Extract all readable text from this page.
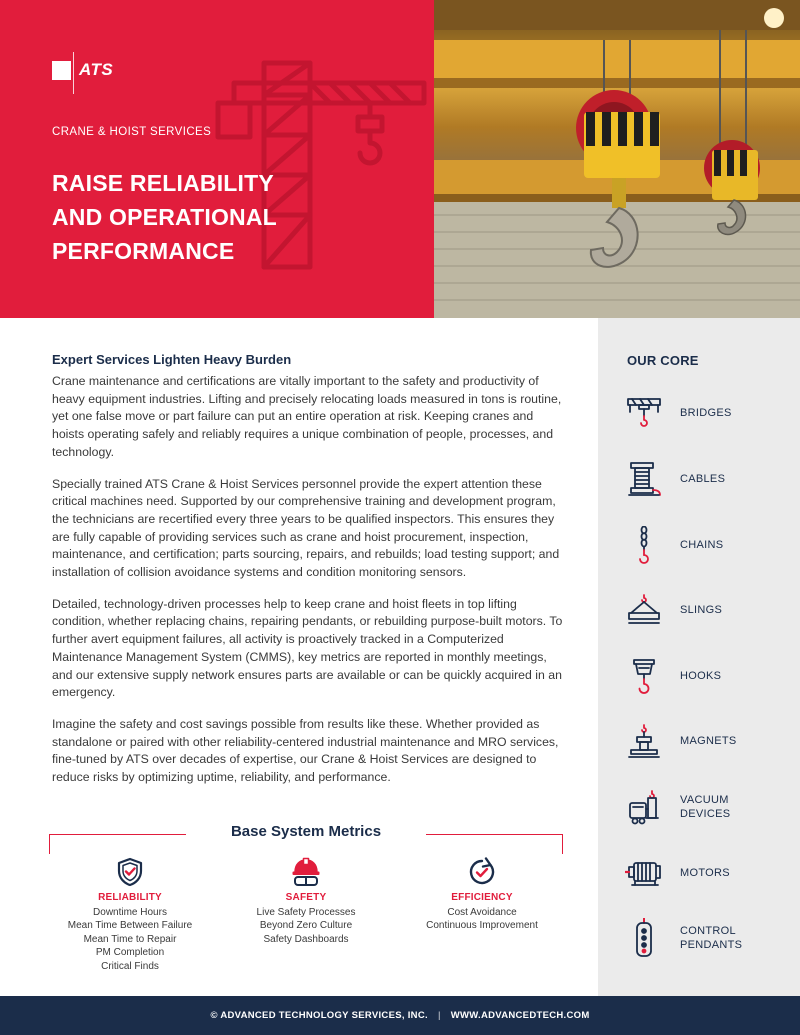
ATS
CRANE & HOIST SERVICES
RAISE RELIABILITY
AND OPERATIONAL
PERFORMANCE
Expert Services Lighten Heavy Burden

Crane maintenance and certifications are vitally important to the safety and productivity of heavy equipment industries. Lifting and precisely relocating loads measured in tons is routine, yet one false move or part failure can put an entire operation at risk. Keeping cranes and hoists operating safely and reliably requires a unique combination of people, processes, and technology.

Specially trained ATS Crane & Hoist Services personnel provide the expert attention these critical machines need. Supported by our comprehensive training and development program, the technicians are recertified every three years to be qualified inspectors. This ensures they are fully capable of providing services such as crane and hoist procurement, inspection, maintenance, and certification; parts sourcing, repairs, and rebuilds; load testing support; and installation of collision avoidance systems and condition monitoring sensors.

Detailed, technology-driven processes help to keep crane and hoist fleets in top lifting condition, whether replacing chains, repairing pendants, or rebuilding purpose-built motors. To further avert equipment failures, all activity is proactively tracked in a Computerized Maintenance Management System (CMMS), key metrics are reported in monthly meetings, and our extensive supply network ensures parts are available or can be quickly acquired in an emergency.

Imagine the safety and cost savings possible from results like these. Whether provided as standalone or paired with other reliability-centered industrial maintenance and MRO services, fine-tuned by ATS over decades of expertise, our Crane & Hoist Services are designed to reduce risks by optimizing uptime, reliability, and performance.

Base System Metrics
RELIABILITY
Downtime Hours
Mean Time Between Failure
Mean Time to Repair
PM Completion
Critical Finds
SAFETY
Live Safety Processes
Beyond Zero Culture
Safety Dashboards
EFFICIENCY
Cost Avoidance
Continuous Improvement
OUR CORE
BRIDGES
CABLES
CHAINS
SLINGS
HOOKS
MAGNETS
VACUUM
DEVICES
MOTORS
CONTROL
PENDANTS
© ADVANCED TECHNOLOGY SERVICES, INC. | WWW.ADVANCEDTECH.COM
